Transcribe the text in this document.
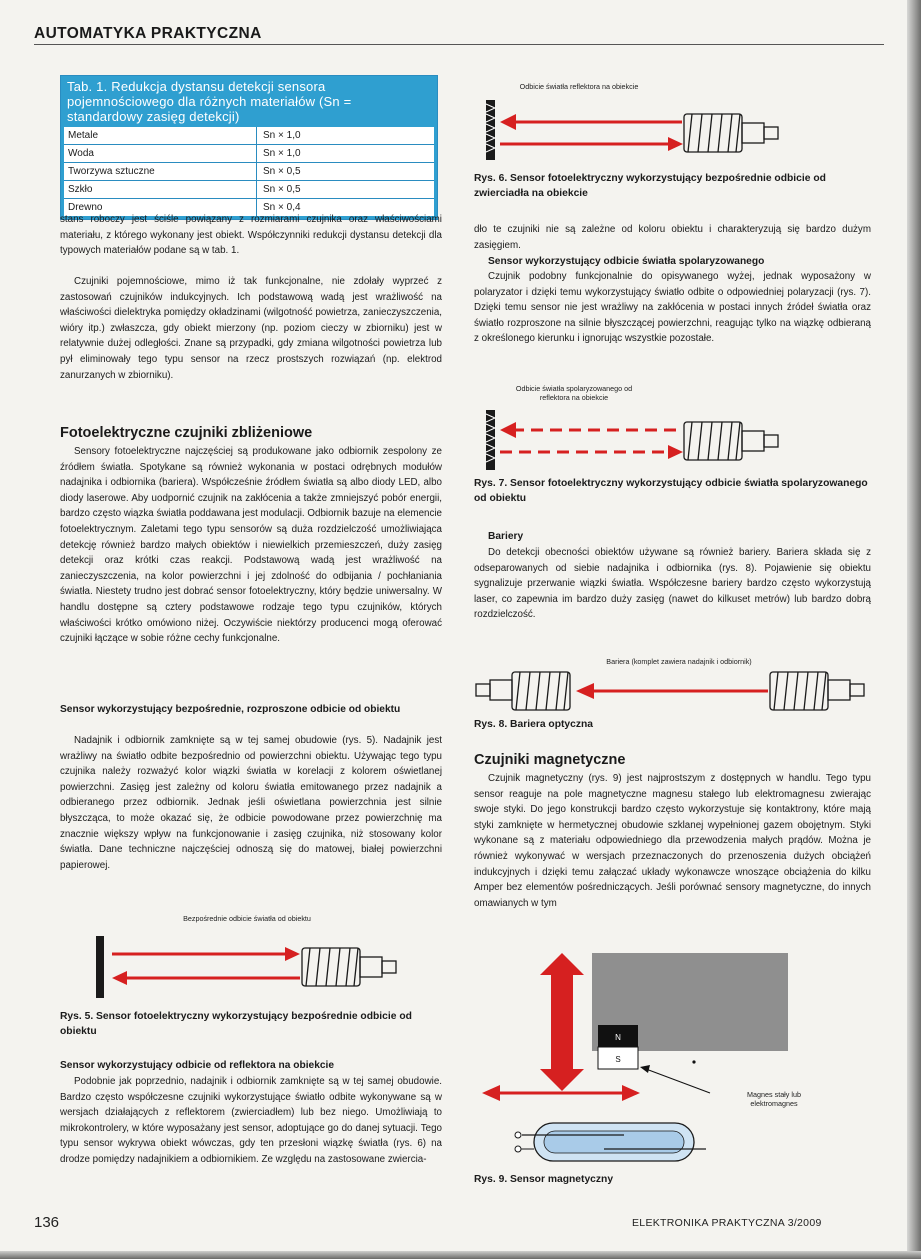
AUTOMATYKA PRAKTYCZNA
Tab. 1. Redukcja dystansu detekcji sensora pojemnościowego dla różnych materiałów (Sn = standardowy zasięg detekcji)
Metale	Sn × 1,0
Woda	Sn × 1,0
Tworzywa sztuczne	Sn × 0,5
Szkło	Sn × 0,5
Drewno	Sn × 0,4

stans roboczy jest ściśle powiązany z rozmiarami czujnika oraz właściwościami materiału, z którego wykonany jest obiekt. Współczynniki redukcji dystansu detekcji dla typowych materiałów podane są w tab. 1.

Czujniki pojemnościowe, mimo iż tak funkcjonalne, nie zdołały wyprzeć z zastosowań czujników indukcyjnych. Ich podstawową wadą jest wrażliwość na właściwości dielektryka pomiędzy okładzinami (wilgotność powietrza, zanieczyszczenia, wióry itp.) zwłaszcza, gdy obiekt mierzony (np. poziom cieczy w zbiorniku) jest w relatywnie dużej odległości. Znane są przypadki, gdy zmiana wilgotności powietrza lub pył eliminowały tego typu sensor na rzecz prostszych rozwiązań (np. elektrod zanurzanych w zbiorniku).

Fotoelektryczne czujniki zbliżeniowe

Sensory fotoelektryczne najczęściej są produkowane jako odbiornik zespolony ze źródłem światła. Spotykane są również wykonania w postaci odrębnych modułów nadajnika i odbiornika (bariera). Współcześnie źródłem światła są albo diody LED, albo diody laserowe. Aby uodpornić czujnik na zakłócenia a także zmniejszyć pobór energii, bardzo często wiązka światła poddawana jest modulacji. Odbiornik bazuje na elemencie fotoelektrycznym. Zaletami tego typu sensorów są duża rozdzielczość umożliwiająca detekcję również bardzo małych obiektów i niewielkich przemieszczeń, duży zasięg detekcji oraz krótki czas reakcji. Podstawową wadą jest wrażliwość na zanieczyszczenia, na kolor powierzchni i jej zdolność do odbijania / pochłaniania światła. Niestety trudno jest dobrać sensor fotoelektryczny, który będzie uniwersalny. W handlu dostępne są cztery podstawowe rodzaje tego typu czujników, których właściwości krótko omówiono niżej. Oczywiście niektórzy producenci mogą oferować czujniki łączące w sobie różne cechy funkcjonalne.

Sensor wykorzystujący bezpośrednie, rozproszone odbicie od obiektu

Nadajnik i odbiornik zamknięte są w tej samej obudowie (rys. 5). Nadajnik jest wrażliwy na światło odbite bezpośrednio od powierzchni obiektu. Używając tego typu czujnika należy rozważyć kolor wiązki światła w korelacji z kolorem oświetlanej powierzchni. Zasięg jest zależny od koloru światła emitowanego przez nadajnik a odbieranego przez odbiornik. Jednak jeśli oświetlana powierzchnia jest silnie błyszcząca, to może okazać się, że odbicie powodowane przez powierzchnię ma znacznie większy wpływ na funkcjonowanie i zasięg czujnika, niż stosowany kolor światła. Dane techniczne najczęściej odnoszą się do matowej, białej powierzchni papierowej.

Bezpośrednie odbicie światła od obiektu

Rys. 5. Sensor fotoelektryczny wykorzystujący bezpośrednie odbicie od obiektu

Sensor wykorzystujący odbicie od reflektora na obiekcie

Podobnie jak poprzednio, nadajnik i odbiornik zamknięte są w tej samej obudowie. Bardzo często współczesne czujniki wykorzystujące światło odbite wykonywane są w wersjach działających z reflektorem (zwierciadłem) lub bez niego. Umożliwiają to mikrokontrolery, w które wyposażany jest sensor, adoptujące go do danej sytuacji. Tego typu sensor wykrywa obiekt wówczas, gdy ten przesłoni wiązkę światła (rys. 6) na drodze pomiędzy nadajnikiem a odbiornikiem. Ze względu na zastosowane zwiercia-

Odbicie światła reflektora na obiekcie

Rys. 6. Sensor fotoelektryczny wykorzystujący bezpośrednie odbicie od zwierciadła na obiekcie

dło te czujniki nie są zależne od koloru obiektu i charakteryzują się bardzo dużym zasięgiem.

Sensor wykorzystujący odbicie światła spolaryzowanego

Czujnik podobny funkcjonalnie do opisywanego wyżej, jednak wyposażony w polaryzator i dzięki temu wykorzystujący światło odbite o odpowiedniej polaryzacji (rys. 7). Dzięki temu sensor nie jest wrażliwy na zakłócenia w postaci innych źródeł światła oraz światło rozproszone na silnie błyszczącej powierzchni, reagując tylko na wiązkę odbieraną z określonego kierunku i ignorując wszystkie pozostałe.

Odbicie światła spolaryzowanego od reflektora na obiekcie

Rys. 7. Sensor fotoelektryczny wykorzystujący odbicie światła spolaryzowanego od obiektu

Bariery

Do detekcji obecności obiektów używane są również bariery. Bariera składa się z odseparowanych od siebie nadajnika i odbiornika (rys. 8). Pojawienie się obiektu sygnalizuje przerwanie wiązki światła. Współczesne bariery bardzo często wykorzystują laser, co zapewnia im bardzo duży zasięg (nawet do kilkuset metrów) lub bardzo dobrą rozdzielczość.

Bariera (komplet zawiera nadajnik i odbiornik)

Rys. 8. Bariera optyczna

Czujniki magnetyczne

Czujnik magnetyczny (rys. 9) jest najprostszym z dostępnych w handlu. Tego typu sensor reaguje na pole magnetyczne magnesu stałego lub elektromagnesu zwierając swoje styki. Do jego konstrukcji bardzo często wykorzystuje się kontaktrony, które mają styki zamknięte w hermetycznej obudowie szklanej wypełnionej gazem obojętnym. Styki wykonane są z materiału odpowiedniego dla przewodzenia małych prądów. Można je również wykonywać w wersjach przeznaczonych do przenoszenia dużych obciążeń indukcyjnych i dzięki temu załączać układy wykonawcze wnoszące obciążenia do kilku Amper bez elementów pośredniczących. Jeśli porównać sensory magnetyczne, do innych omawianych w tym

N
S
Magnes stały lub elektromagnes

Rys. 9. Sensor magnetyczny

136	ELEKTRONIKA PRAKTYCZNA 3/2009
